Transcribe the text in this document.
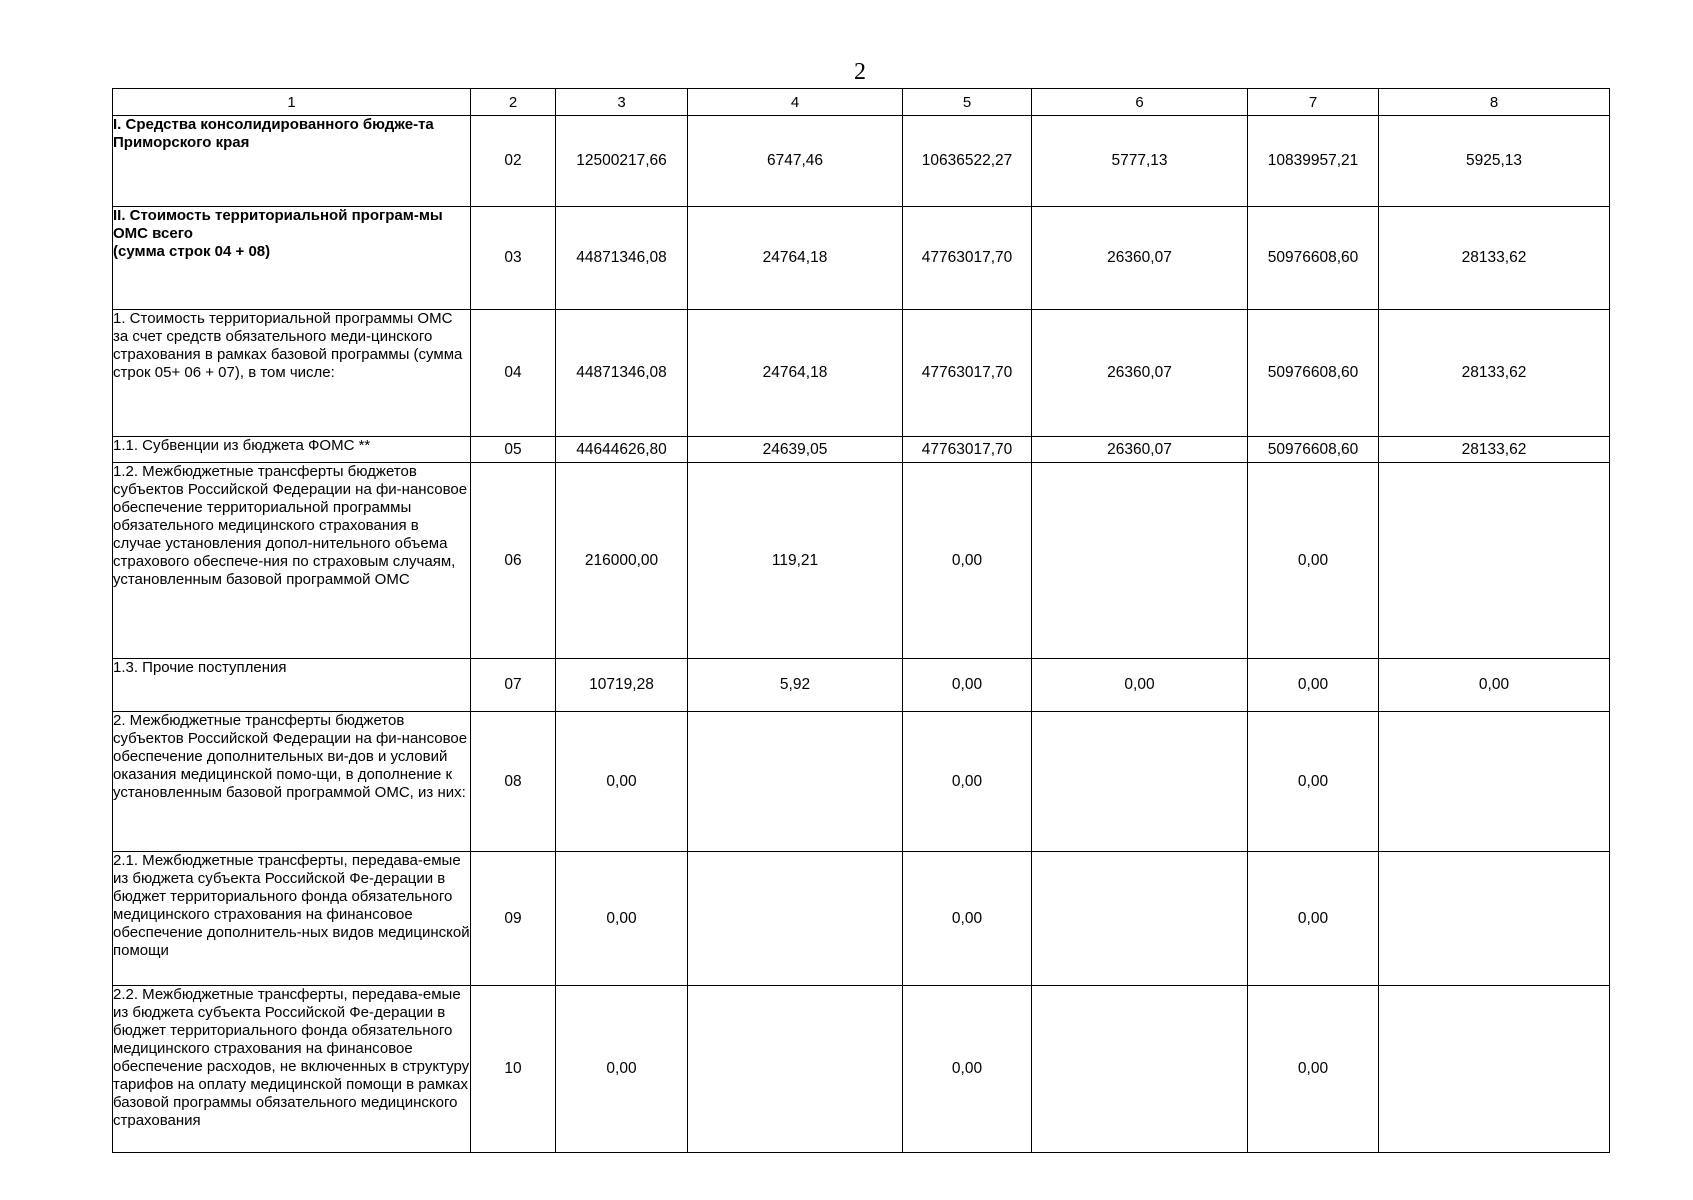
2
1	2	3	4	5	6	7	8
I. Средства консолидированного бюдже-та Приморского края	02	12500217,66	6747,46	10636522,27	5777,13	10839957,21	5925,13
II. Стоимость территориальной програм-мы ОМС всего
(сумма строк 04 + 08)	03	44871346,08	24764,18	47763017,70	26360,07	50976608,60	28133,62
1. Стоимость территориальной программы ОМС за счет средств обязательного меди-цинского страхования в рамках базовой программы (сумма строк 05+ 06 + 07), в том числе:	04	44871346,08	24764,18	47763017,70	26360,07	50976608,60	28133,62
1.1. Субвенции из бюджета ФОМС **	05	44644626,80	24639,05	47763017,70	26360,07	50976608,60	28133,62
1.2. Межбюджетные трансферты бюджетов субъектов Российской Федерации на фи-нансовое обеспечение территориальной программы обязательного медицинского страхования в случае установления допол-нительного объема страхового обеспече-ния по страховым случаям, установленным базовой программой ОМС	06	216000,00	119,21	0,00		0,00	
1.3. Прочие поступления	07	10719,28	5,92	0,00	0,00	0,00	0,00
2. Межбюджетные трансферты бюджетов субъектов Российской Федерации на фи-нансовое обеспечение дополнительных ви-дов и условий оказания медицинской помо-щи, в дополнение к установленным базовой программой ОМС, из них:	08	0,00		0,00		0,00	
2.1. Межбюджетные трансферты, передава-емые из бюджета субъекта Российской Фе-дерации в бюджет территориального фонда обязательного медицинского страхования на финансовое обеспечение дополнитель-ных видов медицинской помощи	09	0,00		0,00		0,00	
2.2. Межбюджетные трансферты, передава-емые из бюджета субъекта Российской Фе-дерации в бюджет территориального фонда обязательного медицинского страхования на финансовое обеспечение расходов, не включенных в структуру тарифов на оплату медицинской помощи в рамках базовой программы обязательного медицинского страхования	10	0,00		0,00		0,00	
